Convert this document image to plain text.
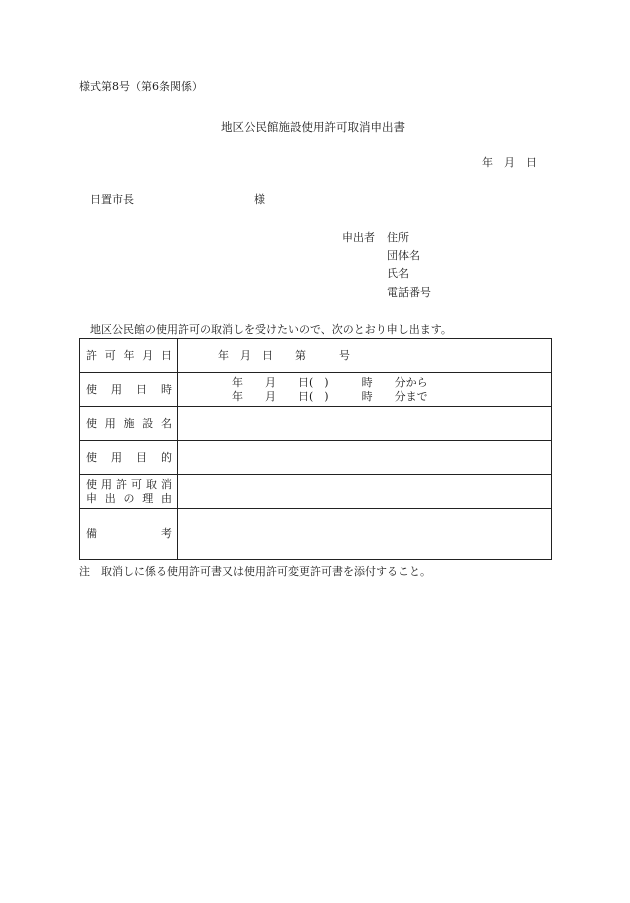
様式第8号（第6条関係）
地区公民館施設使用許可取消申出書
年　月　日
日置市長	様
申出者 住所
団体名
氏名
電話番号
地区公民館の使用許可の取消しを受けたいので、次のとおり申し出ます。
許可年月日	年　月　日　　第　　　号
使用日時
年　　月　　日(　)　　　時　　分から
年　　月　　日(　)　　　時　　分まで
使用施設名
使用目的
使用許可取消
申出の理由
備考
注　取消しに係る使用許可書又は使用許可変更許可書を添付すること。
